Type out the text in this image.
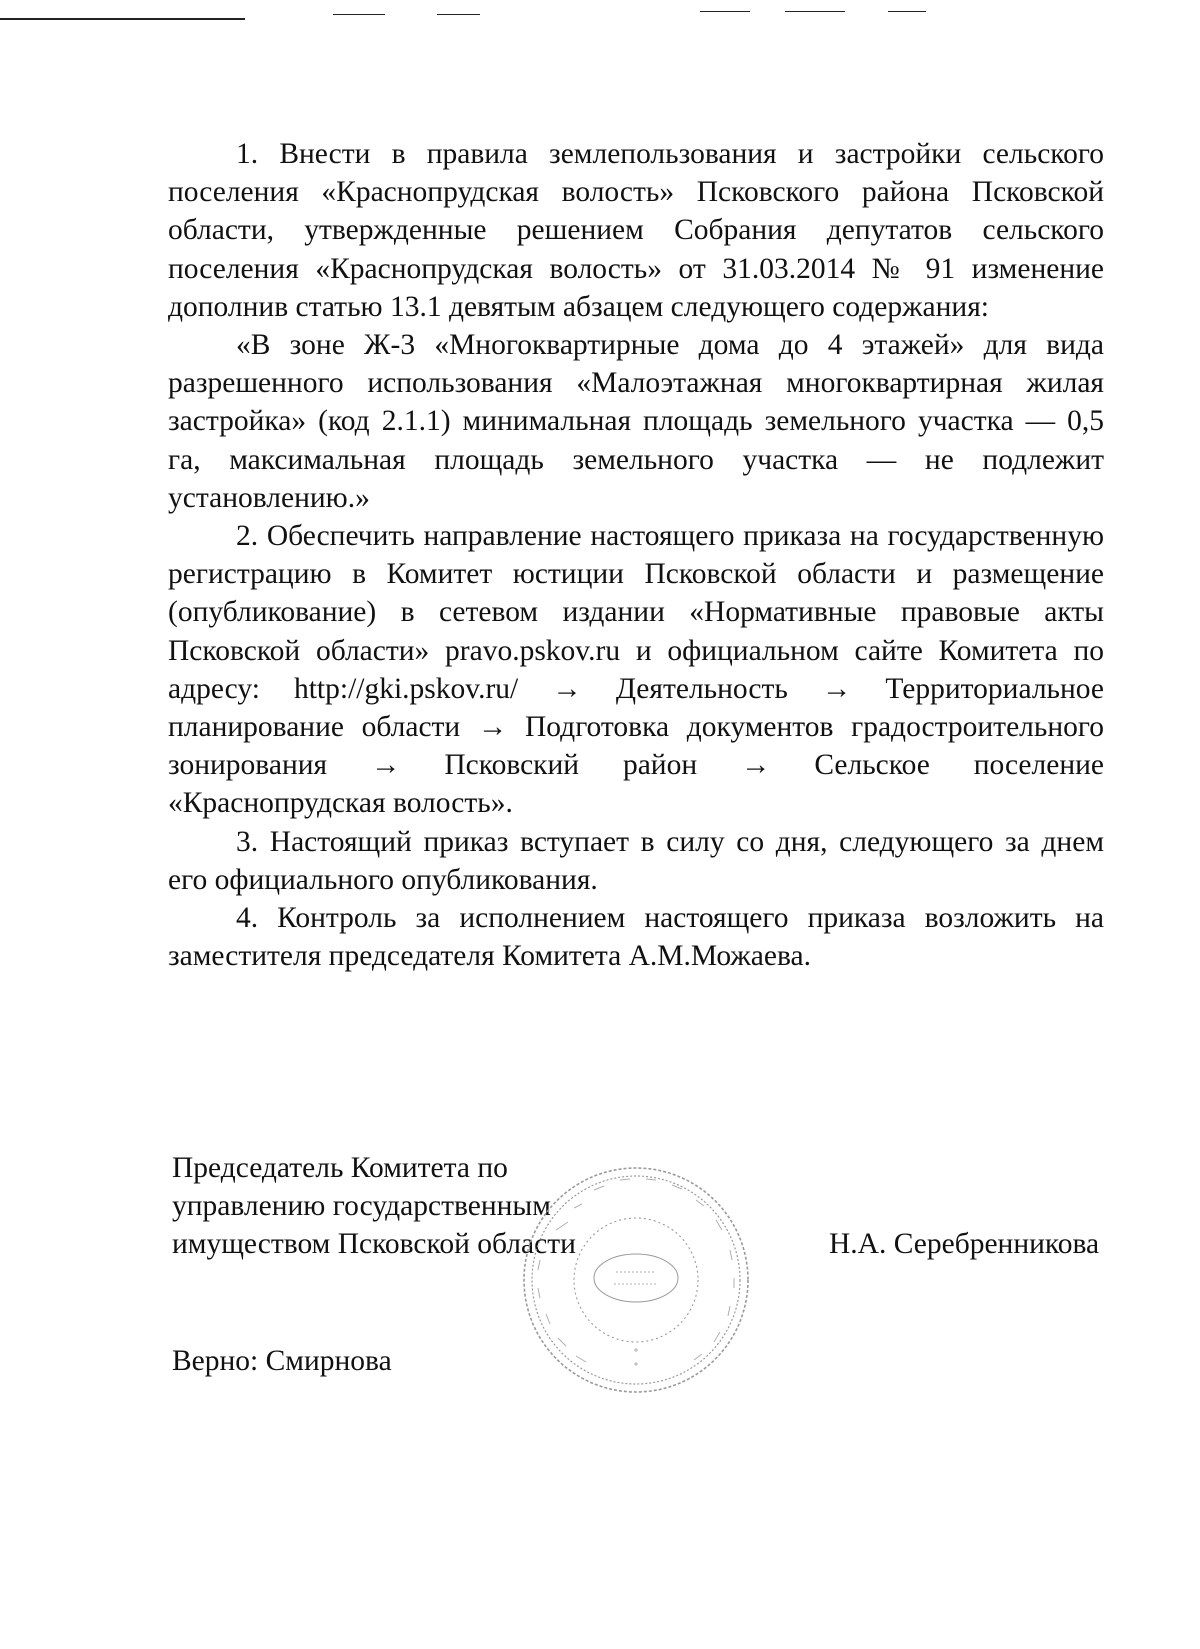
1. Внести в правила землепользования и застройки сельского поселения «Краснопрудская волость» Псковского района Псковской области, утвержденные решением Собрания депутатов сельского поселения «Краснопрудская волость» от 31.03.2014 № 91 изменение дополнив статью 13.1 девятым абзацем следующего содержания:

«В зоне Ж-3 «Многоквартирные дома до 4 этажей» для вида разрешенного использования «Малоэтажная многоквартирная жилая застройка» (код 2.1.1) минимальная площадь земельного участка — 0,5 га, максимальная площадь земельного участка — не подлежит установлению.»

2. Обеспечить направление настоящего приказа на государственную регистрацию в Комитет юстиции Псковской области и размещение (опубликование) в сетевом издании «Нормативные правовые акты Псковской области» pravo.pskov.ru и официальном сайте Комитета по адресу: http://gki.pskov.ru/ → Деятельность → Территориальное планирование области → Подготовка документов градостроительного зонирования → Псковский район → Сельское поселение «Краснопрудская волость».

3. Настоящий приказ вступает в силу со дня, следующего за днем его официального опубликования.

4. Контроль за исполнением настоящего приказа возложить на заместителя председателя Комитета А.М.Можаева.

Председатель Комитета по
управлению государственным
имуществом Псковской области	Н.А. Серебренникова
Верно: Смирнова
